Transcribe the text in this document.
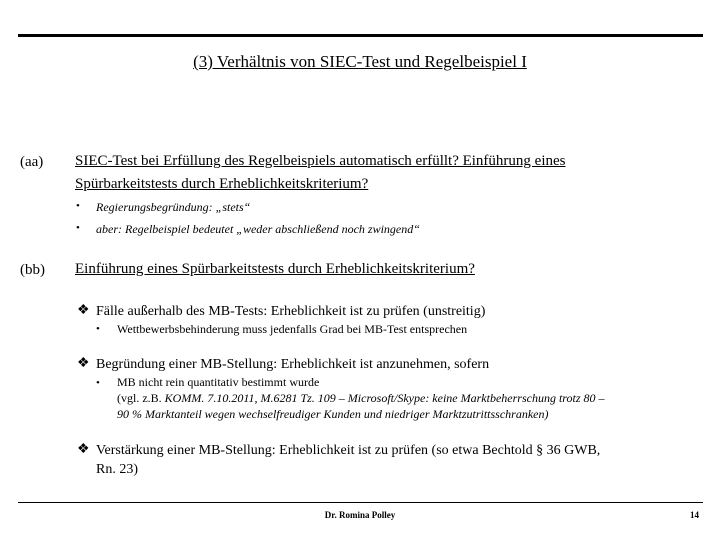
(3) Verhältnis von SIEC-Test und Regelbeispiel I
(aa) SIEC-Test bei Erfüllung des Regelbeispiels automatisch erfüllt? Einführung eines
Spürbarkeitstests durch Erheblichkeitskriterium?
• Regierungsbegründung: „stets“
• aber: Regelbeispiel bedeutet „weder abschließend noch zwingend“
(bb) Einführung eines Spürbarkeitstests durch Erheblichkeitskriterium?
❖ Fälle außerhalb des MB-Tests: Erheblichkeit ist zu prüfen (unstreitig)
• Wettbewerbsbehinderung muss jedenfalls Grad bei MB-Test entsprechen
❖ Begründung einer MB-Stellung: Erheblichkeit ist anzunehmen, sofern
• MB nicht rein quantitativ bestimmt wurde
(vgl. z.B. KOMM. 7.10.2011, M.6281 Tz. 109 – Microsoft/Skype: keine Marktbeherrschung trotz 80 –
90 % Marktanteil wegen wechselfreudiger Kunden und niedriger Marktzutrittsschranken)
❖ Verstärkung einer MB-Stellung: Erheblichkeit ist zu prüfen (so etwa Bechtold § 36 GWB,
Rn. 23)
Dr. Romina Polley	14
